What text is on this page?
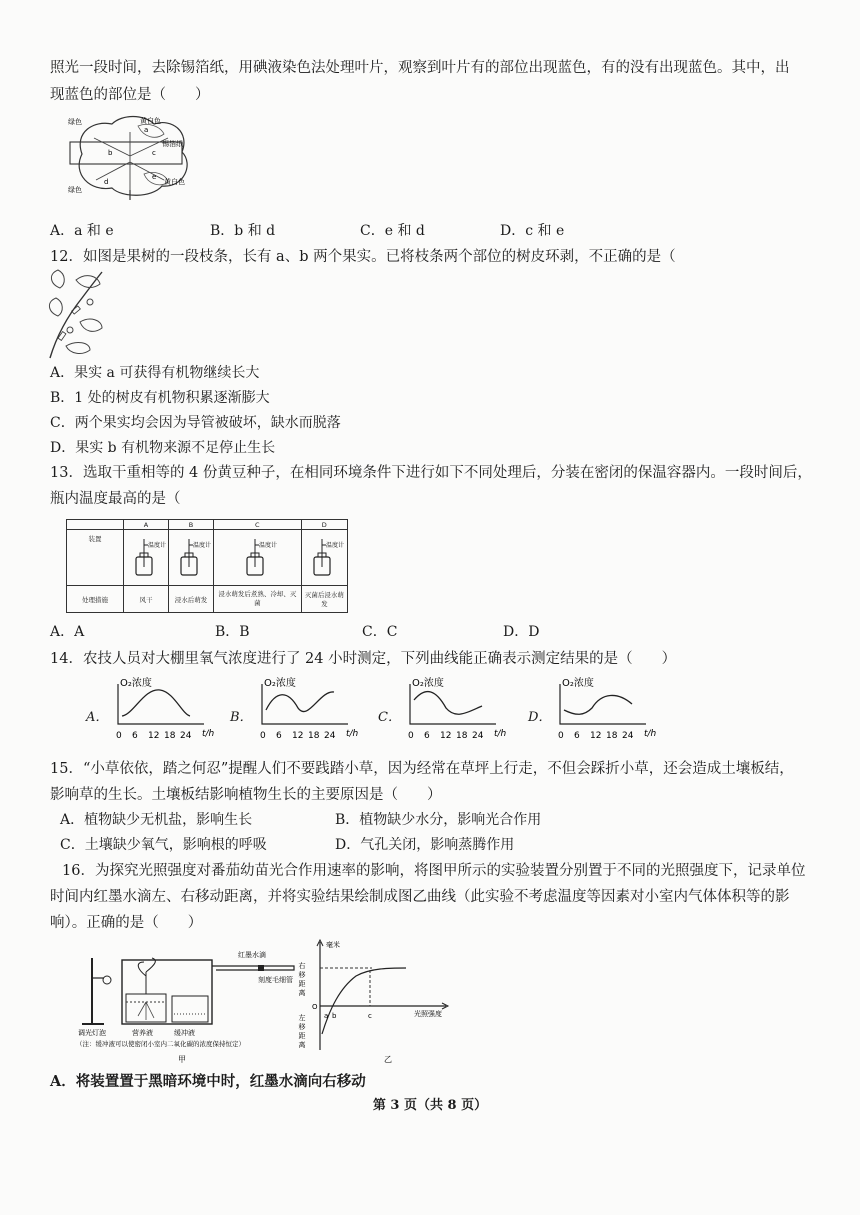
照光一段时间，去除锡箔纸，用碘液染色法处理叶片，观察到叶片有的部位出现蓝色，有的没有出现蓝色。其中，出
现蓝色的部位是（　　）
绿色	黄白色
锡箔纸
黄白色
绿色
a
b	c
d
e
A．a 和 e	B．b 和 d	C．e 和 d	D．c 和 e
12．如图是果树的一段枝条，长有 a、b 两个果实。已将枝条两个部位的树皮环剥，不正确的是（
A．果实 a 可获得有机物继续长大
B．1 处的树皮有机物积累逐渐膨大
C．两个果实均会因为导管被破坏，缺水而脱落
D．果实 b 有机物来源不足停止生长
13．选取干重相等的 4 份黄豆种子，在相同环境条件下进行如下不同处理后，分装在密闭的保温容器内。一段时间后，
瓶内温度最高的是（
	A	B	C	D
装置	温度计	温度计	温度计	温度计

处理措施	风干	浸水后萌发	浸水萌发后煮熟、冷却、灭菌	灭菌后浸水萌发
A．A	B．B	C．C	D．D
14．农技人员对大棚里氧气浓度进行了 24 小时测定，下列曲线能正确表示测定结果的是（　　）
A．
O₂浓度
0 6 12 18 24 t/h
B．
O₂浓度
0 6 12 18 24 t/h
C．
O₂浓度
0 6 12 18 24 t/h
D．
O₂浓度
0 6 12 18 24 t/h
15．“小草依依，踏之何忍”提醒人们不要践踏小草，因为经常在草坪上行走，不但会踩折小草，还会造成土壤板结，
影响草的生长。土壤板结影响植物生长的主要原因是（　　）
A．植物缺少无机盐，影响生长	B．植物缺少水分，影响光合作用
C．土壤缺少氧气，影响根的呼吸	D．气孔关闭，影响蒸腾作用
16．为探究光照强度对番茄幼苗光合作用速率的影响，将图甲所示的实验装置分别置于不同的光照强度下，记录单位
时间内红墨水滴左、右移动距离，并将实验结果绘制成图乙曲线（此实验不考虑温度等因素对小室内气体体积等的影
响）。正确的是（　　）
红墨水滴
刻度毛细管
调光灯泡	营养液	缓冲液
（注：缓冲液可以使密闭小室内二氧化碳的浓度保持恒定）
甲
毫米
右移距离
左移距离
O
a b	c	光照强度
乙
A．将装置置于黑暗环境中时，红墨水滴向右移动
第 3 页（共 8 页）
